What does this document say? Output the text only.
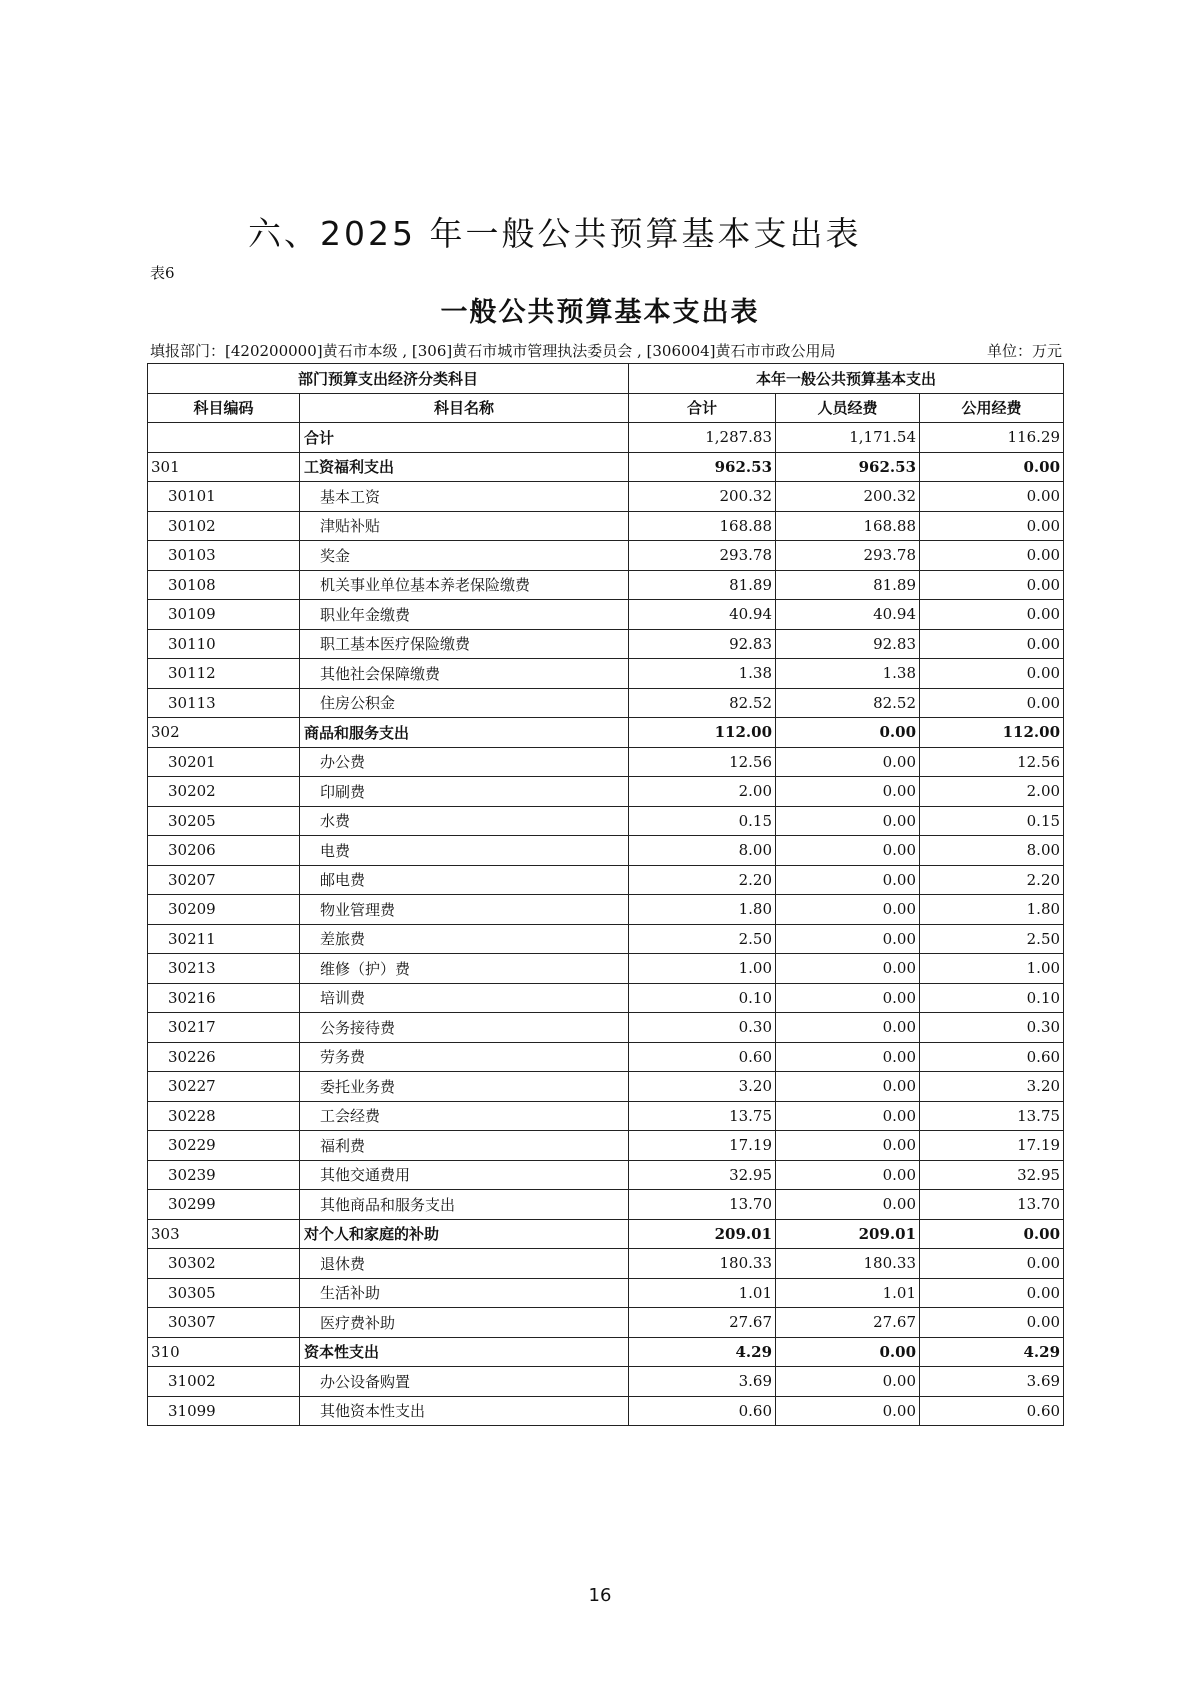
六、2025 年一般公共预算基本支出表
表6
一般公共预算基本支出表
填报部门：[420200000]黄石市本级 , [306]黄石市城市管理执法委员会 , [306004]黄石市市政公用局	单位：万元
部门预算支出经济分类科目		本年一般公共预算基本支出		
科目编码	科目名称	合计	人员经费	公用经费
	合计	1,287.83	1,171.54	116.29
301	工资福利支出	962.53	962.53	0.00
30101	基本工资	200.32	200.32	0.00
30102	津贴补贴	168.88	168.88	0.00
30103	奖金	293.78	293.78	0.00
30108	机关事业单位基本养老保险缴费	81.89	81.89	0.00
30109	职业年金缴费	40.94	40.94	0.00
30110	职工基本医疗保险缴费	92.83	92.83	0.00
30112	其他社会保障缴费	1.38	1.38	0.00
30113	住房公积金	82.52	82.52	0.00
302	商品和服务支出	112.00	0.00	112.00
30201	办公费	12.56	0.00	12.56
30202	印刷费	2.00	0.00	2.00
30205	水费	0.15	0.00	0.15
30206	电费	8.00	0.00	8.00
30207	邮电费	2.20	0.00	2.20
30209	物业管理费	1.80	0.00	1.80
30211	差旅费	2.50	0.00	2.50
30213	维修（护）费	1.00	0.00	1.00
30216	培训费	0.10	0.00	0.10
30217	公务接待费	0.30	0.00	0.30
30226	劳务费	0.60	0.00	0.60
30227	委托业务费	3.20	0.00	3.20
30228	工会经费	13.75	0.00	13.75
30229	福利费	17.19	0.00	17.19
30239	其他交通费用	32.95	0.00	32.95
30299	其他商品和服务支出	13.70	0.00	13.70
303	对个人和家庭的补助	209.01	209.01	0.00
30302	退休费	180.33	180.33	0.00
30305	生活补助	1.01	1.01	0.00
30307	医疗费补助	27.67	27.67	0.00
310	资本性支出	4.29	0.00	4.29
31002	办公设备购置	3.69	0.00	3.69
31099	其他资本性支出	0.60	0.00	0.60
16
